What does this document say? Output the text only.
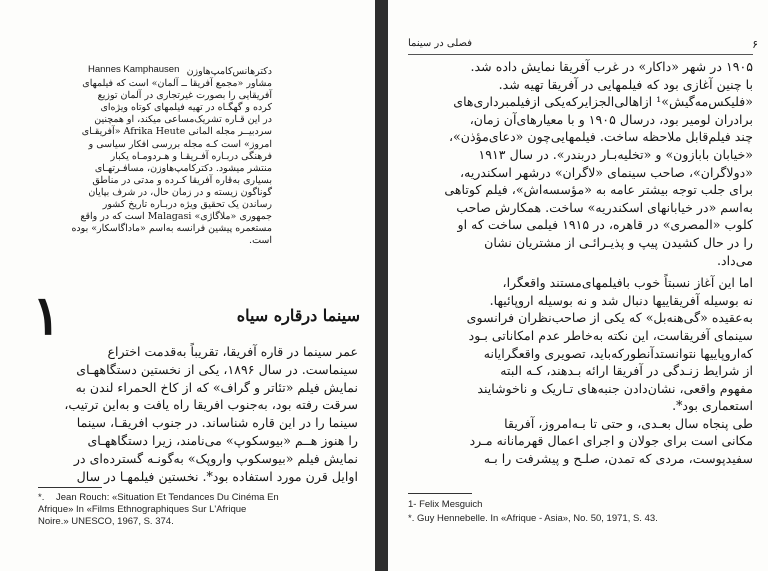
Hannes Kamphausen دکترهانس‌کامپ‌هاوزن
مشاور «مجمع آفریقا ــ آلمان» است که فیلمهای
آفریقایی را بصورت غیرتجاری در آلمان توزیع
کرده و گهگـاه در تهیه فیلمهای کوتاه ویژه‌ای
در این قـاره تشریک‌مساعی میکند، او همچنین
سردبیــر مجله المانی Afrika Heute «آفریقـای
امروز» است کـه مجله بررسی افکار سیاسی و
فرهنگی دربـاره آفـریقـا و هـردومـاه یکبار
منتشر میشود. دکترکامپ‌هاوزن، مسافـرتهـای
بسیاری به‌قاره آفریقا کـرده و مدتی در مناطق
گوناگون زیسته و در زمان حال، در شرف بپایان
رساندن یک تحقیق ویژه دربـاره تاریخ کشور
جمهوری «ملاگاژی» Malagasi است که در واقع
مستعمره پیشین فرانسه به‌اسم «ماداگاسکار» بوده
است.
۱	سینما درقاره سیاه
عمر سینما در قاره آفریقا، تقریباً به‌قدمت اختراع
سینماست. در سال ۱۸۹۶، یکی از نخستین دستگاههـای
نمایش فیلم «تئاتر و گراف» که از کاخ الحمراء لندن به
سرقت رفته بود، به‌جنوب افریقا راه یافت و به‌این ترتیب،
سینما را در این قاره شناساند. در جنوب افریقـا، سینما
را هنوز هــم «بیوسکوپ» می‌نامند، زیرا دستگاههـای
نمایش فیلم «بیوسکوپ واروپک» به‌گونـه گسترده‌ای در
اوایل قرن مورد استفاده بود*. نخستین فیلمهـا در سال
*. Jean Rouch: «Situation Et Tendances Du Cinéma En
Afrique» In «Films Ethnographiques Sur L'Afrique
Noire.» UNESCO, 1967, S. 374.
۶
فصلی در سینما
۱۹۰۵ در شهر «داکار» در غرب آفریقا نمایش داده شد.
با چنین آغازی بود که فیلمهایی در آفریقا تهیه شد.
«فلیکس‌مه‌گیش»¹ ازاهالی‌الجزایرکه‌یکی ازفیلمبرداری‌های
برادران لومیر بود، درسال ۱۹۰۵ و با معیارهای‌آن زمان،
چند فیلم‌قابل ملاحظه ساخت. فیلمهایی‌چون «دعای‌مؤذن»،
«خیابان بابازون» و «تخلیه‌بـار دربندر». در سال ۱۹۱۳
«دولاگران»، صاحب سینمای «لاگران» درشهر اسکندریه،
برای جلب توجه بیشتر عامه به «مؤسسه‌اش»، فیلم کوتاهی
به‌اسم «در خیابانهای اسکندریه» ساخت. همکارش صاحب
کلوب «المصری» در قاهره، در ۱۹۱۵ فیلمی ساخت که او
را در حال کشیدن پیپ و پذیـرائـی از مشتریان نشان
می‌داد.
اما این آغاز نسبتاً خوب بافیلمهای‌مستند واقعگرا،
نه بوسیله آفریقاییها دنبال شد و نه بوسیله اروپائیها.
به‌عقیده «گی‌هنه‌بل» که یکی از صاحب‌نظران فرانسوی
سینمای آفریقاست، این نکته به‌خاطر عدم امکاناتی بـود
که‌اروپاییها نتوانستدآنطورکه‌باید، تصویری واقعگرایانه
از شرایط زنـدگی در آفریقا ارائه بـدهند، کـه البته
مفهوم واقعی، نشان‌دادن جنبه‌های تـاریک و ناخوشایند
استعماری بود*.
طی پنجاه سال بعـدی، و حتی تا بـه‌امروز، آفریقا
مکانی است برای جولان و اجرای اعمال قهرمانانه مـرد
سفیدپوست، مردی که تمدن، صلـح و پیشرفت را بـه
1- Felix Mesguich
*. Guy Hennebelle. In «Afrique - Asia», No. 50, 1971, S. 43.
